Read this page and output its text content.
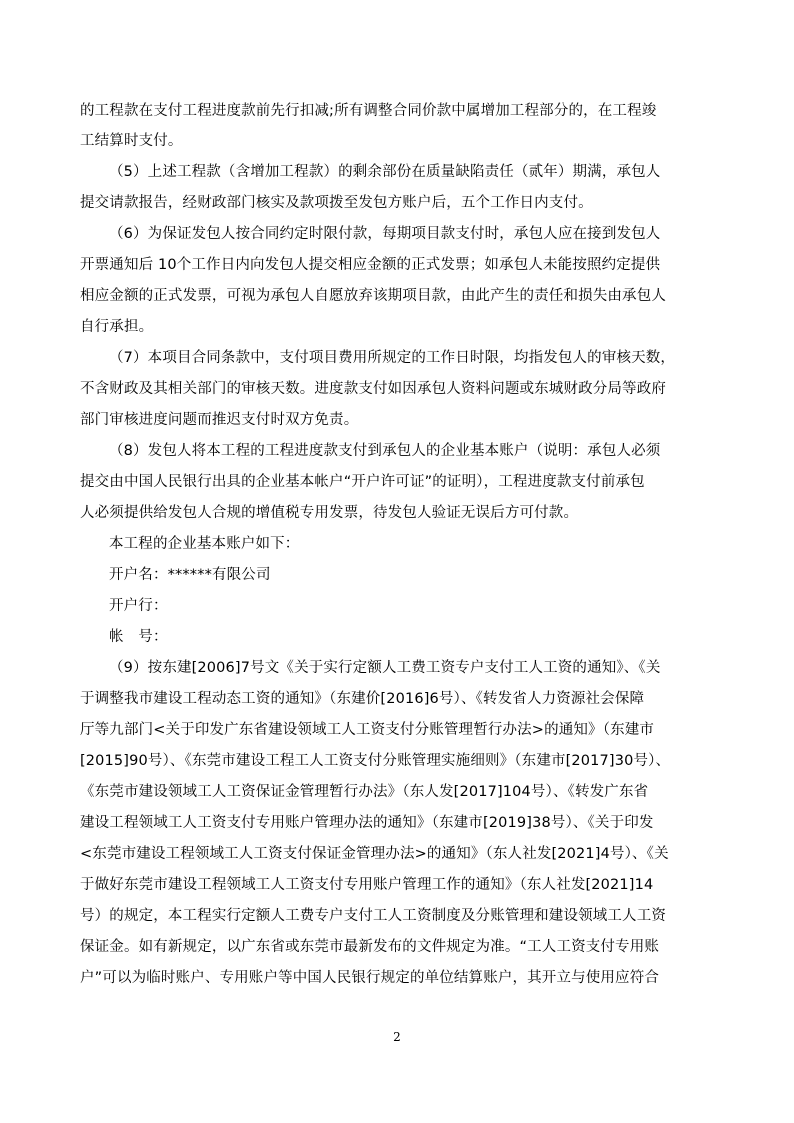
的工程款在支付工程进度款前先行扣减;所有调整合同价款中属增加工程部分的，在工程竣
工结算时支付。
（5）上述工程款（含增加工程款）的剩余部份在质量缺陷责任（贰年）期满，承包人
提交请款报告，经财政部门核实及款项拨至发包方账户后，五个工作日内支付。
（6）为保证发包人按合同约定时限付款，每期项目款支付时，承包人应在接到发包人
开票通知后 10个工作日内向发包人提交相应金额的正式发票；如承包人未能按照约定提供
相应金额的正式发票，可视为承包人自愿放弃该期项目款，由此产生的责任和损失由承包人
自行承担。
（7）本项目合同条款中，支付项目费用所规定的工作日时限，均指发包人的审核天数，
不含财政及其相关部门的审核天数。进度款支付如因承包人资料问题或东城财政分局等政府
部门审核进度问题而推迟支付时双方免责。
（8）发包人将本工程的工程进度款支付到承包人的企业基本账户（说明：承包人必须
提交由中国人民银行出具的企业基本帐户“开户许可证”的证明），工程进度款支付前承包
人必须提供给发包人合规的增值税专用发票，待发包人验证无误后方可付款。
本工程的企业基本账户如下：
开户名：******有限公司
开户行：
帐　号：
（9）按东建[2006]7号文《关于实行定额人工费工资专户支付工人工资的通知》、《关
于调整我市建设工程动态工资的通知》（东建价[2016]6号）、《转发省人力资源社会保障
厅等九部门<关于印发广东省建设领域工人工资支付分账管理暂行办法>的通知》（东建市
[2015]90号）、《东莞市建设工程工人工资支付分账管理实施细则》（东建市[2017]30号）、
《东莞市建设领域工人工资保证金管理暂行办法》（东人发[2017]104号）、《转发广东省
建设工程领域工人工资支付专用账户管理办法的通知》（东建市[2019]38号）、《关于印发
<东莞市建设工程领域工人工资支付保证金管理办法>的通知》（东人社发[2021]4号）、《关
于做好东莞市建设工程领域工人工资支付专用账户管理工作的通知》（东人社发[2021]14
号）的规定，本工程实行定额人工费专户支付工人工资制度及分账管理和建设领域工人工资
保证金。如有新规定，以广东省或东莞市最新发布的文件规定为准。“工人工资支付专用账
户”可以为临时账户、专用账户等中国人民银行规定的单位结算账户，其开立与使用应符合
2
